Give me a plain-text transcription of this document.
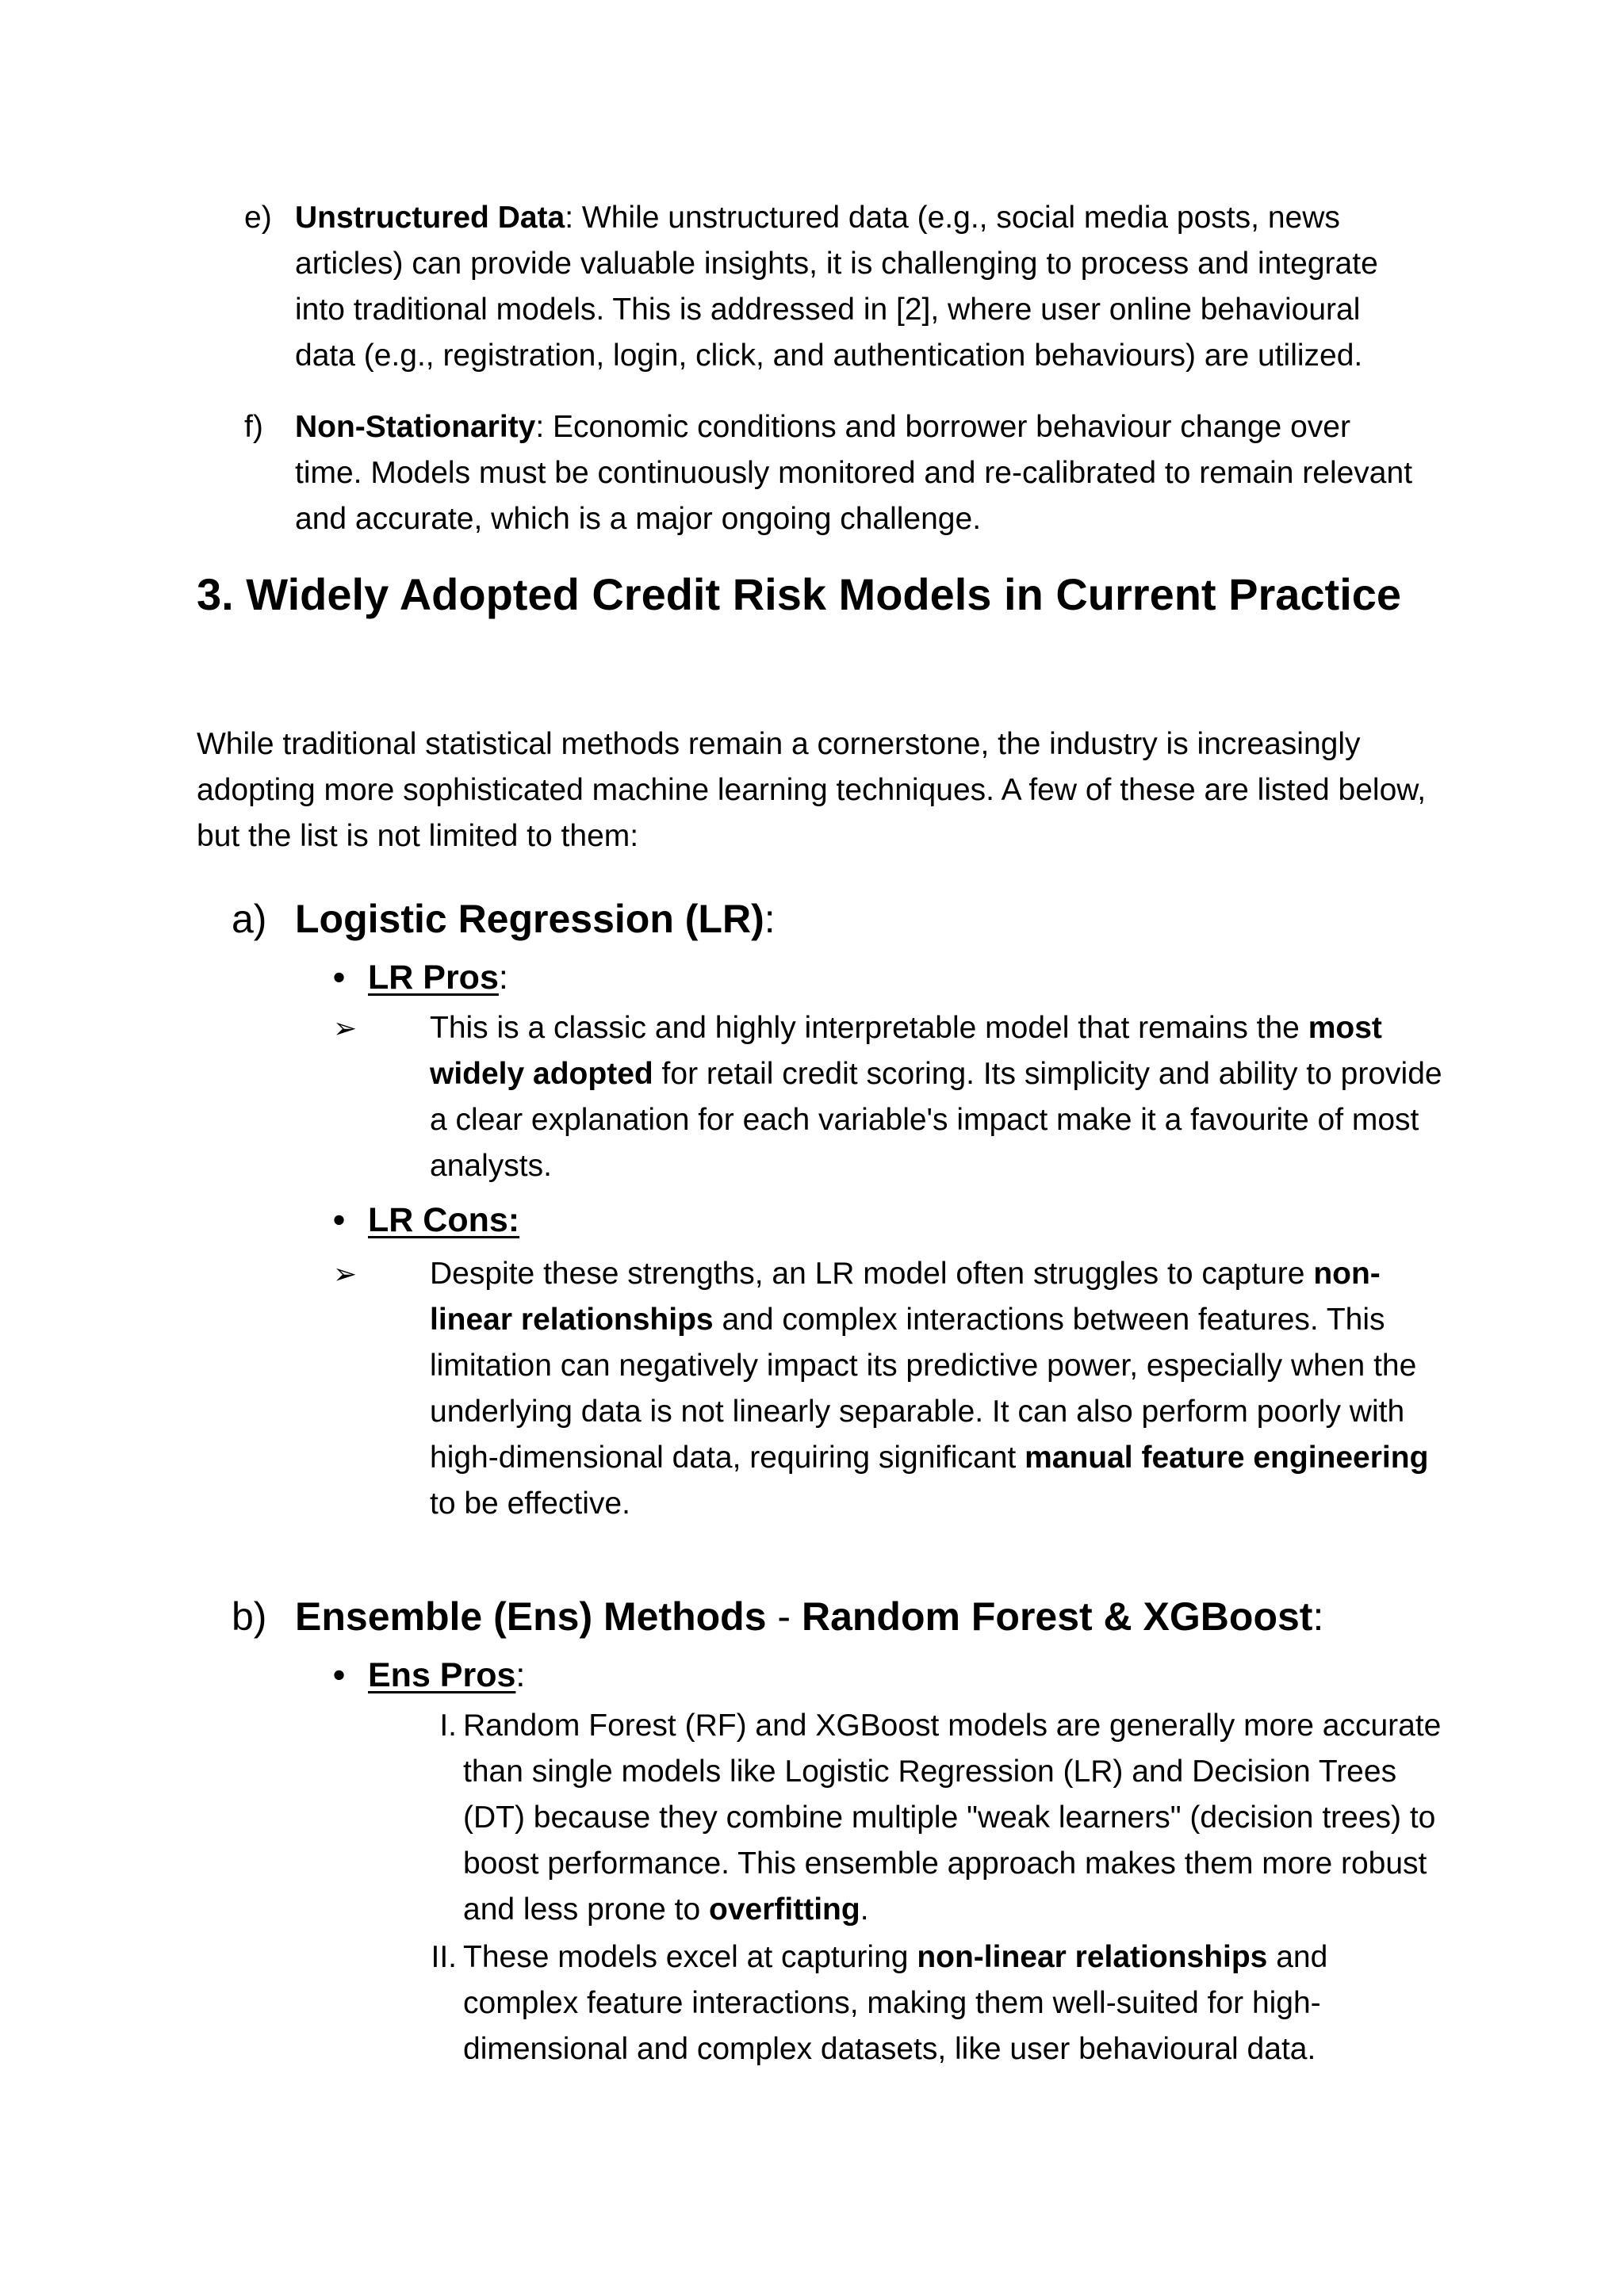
e) Unstructured Data: While unstructured data (e.g., social media posts, news articles) can provide valuable insights, it is challenging to process and integrate into traditional models. This is addressed in [2], where user online behavioural data (e.g., registration, login, click, and authentication behaviours) are utilized.
f) Non-Stationarity: Economic conditions and borrower behaviour change over time. Models must be continuously monitored and re-calibrated to remain relevant and accurate, which is a major ongoing challenge.
3. Widely Adopted Credit Risk Models in Current Practice

While traditional statistical methods remain a cornerstone, the industry is increasingly adopting more sophisticated machine learning techniques. A few of these are listed below, but the list is not limited to them:

a) Logistic Regression (LR):
• LR Pros:
➢ This is a classic and highly interpretable model that remains the most widely adopted for retail credit scoring. Its simplicity and ability to provide a clear explanation for each variable's impact make it a favourite of most analysts.
• LR Cons:
➢ Despite these strengths, an LR model often struggles to capture non-linear relationships and complex interactions between features. This limitation can negatively impact its predictive power, especially when the underlying data is not linearly separable. It can also perform poorly with high-dimensional data, requiring significant manual feature engineering to be effective.
b) Ensemble (Ens) Methods - Random Forest & XGBoost:
• Ens Pros:
I. Random Forest (RF) and XGBoost models are generally more accurate than single models like Logistic Regression (LR) and Decision Trees (DT) because they combine multiple "weak learners" (decision trees) to boost performance. This ensemble approach makes them more robust and less prone to overfitting.
II. These models excel at capturing non-linear relationships and complex feature interactions, making them well-suited for high-dimensional and complex datasets, like user behavioural data.
